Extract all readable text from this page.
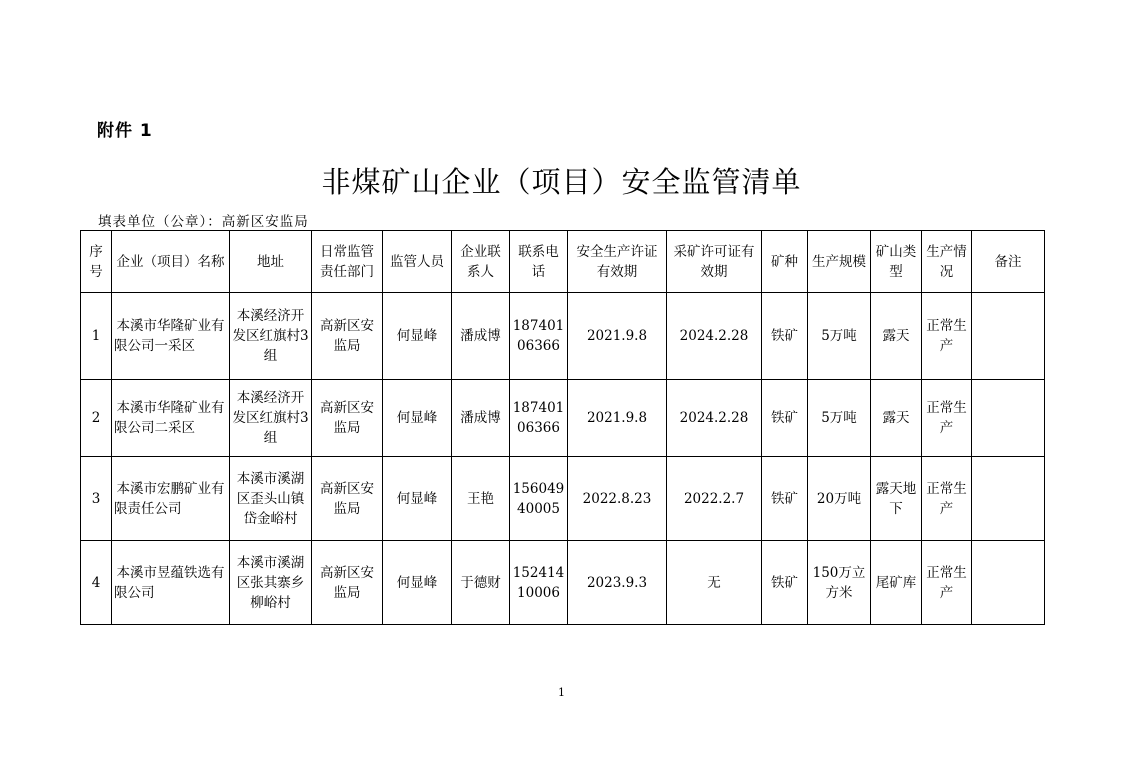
附件 1
非煤矿山企业（项目）安全监管清单
填表单位（公章）：高新区安监局
序号	企业（项目）名称	地址	日常监管责任部门	监管人员	企业联系人	联系电话	安全生产许证有效期	采矿许可证有效期	矿种	生产规模	矿山类型	生产情况	备注
1	本溪市华隆矿业有限公司一采区	本溪经济开发区红旗村3组	高新区安监局	何显峰	潘成博	18740106366	2021.9.8	2024.2.28	铁矿	5万吨	露天	正常生产	
2	本溪市华隆矿业有限公司二采区	本溪经济开发区红旗村3组	高新区安监局	何显峰	潘成博	18740106366	2021.9.8	2024.2.28	铁矿	5万吨	露天	正常生产	
3	本溪市宏鹏矿业有限责任公司	本溪市溪湖区歪头山镇岱金峪村	高新区安监局	何显峰	王艳	15604940005	2022.8.23	2022.2.7	铁矿	20万吨	露天地下	正常生产	
4	本溪市昱蕴铁选有限公司	本溪市溪湖区张其寨乡柳峪村	高新区安监局	何显峰	于德财	15241410006	2023.9.3	无	铁矿	150万立方米	尾矿库	正常生产	
1
